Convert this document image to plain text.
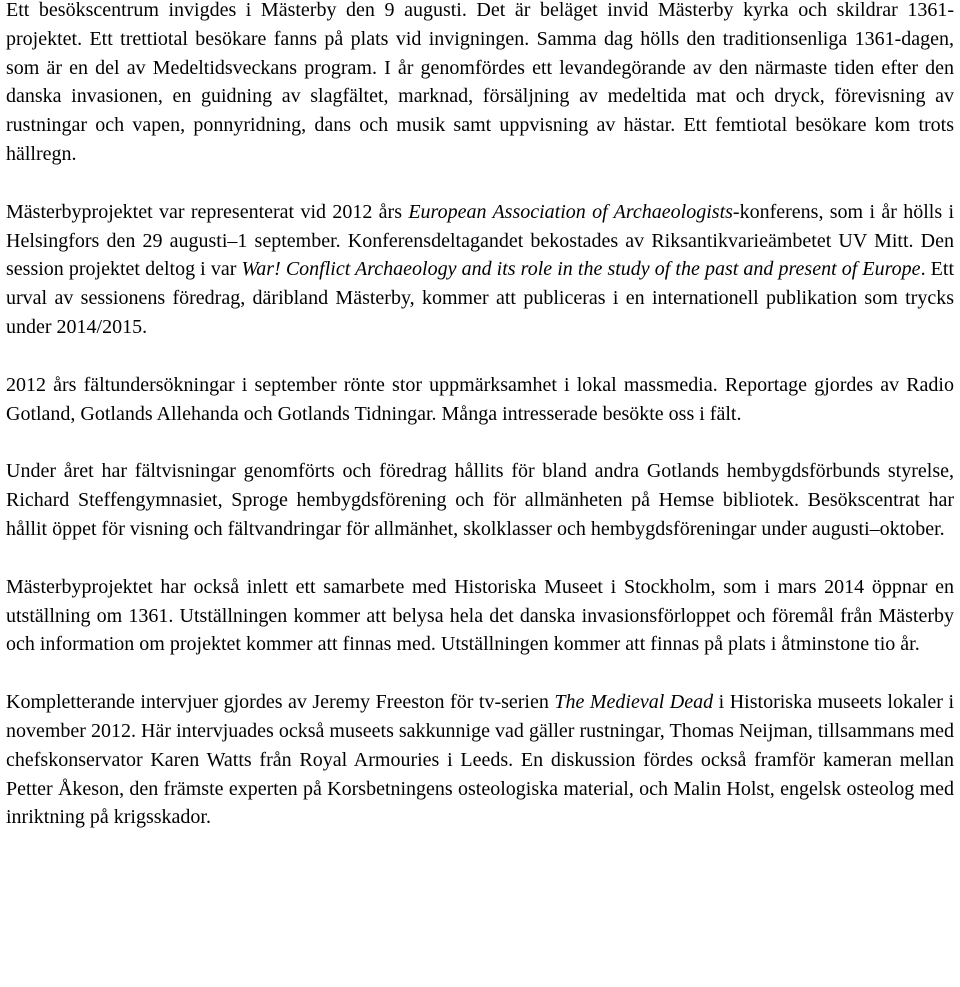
Ett besökscentrum invigdes i Mästerby den 9 augusti. Det är beläget invid Mästerby kyrka och skildrar 1361-projektet. Ett trettiotal besökare fanns på plats vid invigningen. Samma dag hölls den traditionsenliga 1361-dagen, som är en del av Medeltidsveckans program. I år genomfördes ett levandegörande av den närmaste tiden efter den danska invasionen, en guidning av slagfältet, marknad, försäljning av medeltida mat och dryck, förevisning av rustningar och vapen, ponnyridning, dans och musik samt uppvisning av hästar. Ett femtiotal besökare kom trots hällregn.

Mästerbyprojektet var representerat vid 2012 års European Association of Archaeologists-konferens, som i år hölls i Helsingfors den 29 augusti–1 september. Konferensdeltagandet bekostades av Riksantikvarieämbetet UV Mitt. Den session projektet deltog i var War! Conflict Archaeology and its role in the study of the past and present of Europe. Ett urval av sessionens föredrag, däribland Mästerby, kommer att publiceras i en internationell publikation som trycks under 2014/2015.

2012 års fältundersökningar i september rönte stor uppmärksamhet i lokal massmedia. Reportage gjordes av Radio Gotland, Gotlands Allehanda och Gotlands Tidningar. Många intresserade besökte oss i fält.

Under året har fältvisningar genomförts och föredrag hållits för bland andra Gotlands hembygdsförbunds styrelse, Richard Steffengymnasiet, Sproge hembygdsförening och för allmänheten på Hemse bibliotek. Besökscentrat har hållit öppet för visning och fältvandringar för allmänhet, skolklasser och hembygdsföreningar under augusti–oktober.

Mästerbyprojektet har också inlett ett samarbete med Historiska Museet i Stockholm, som i mars 2014 öppnar en utställning om 1361. Utställningen kommer att belysa hela det danska invasionsförloppet och föremål från Mästerby och information om projektet kommer att finnas med. Utställningen kommer att finnas på plats i åtminstone tio år.

Kompletterande intervjuer gjordes av Jeremy Freeston för tv-serien The Medieval Dead i Historiska museets lokaler i november 2012. Här intervjuades också museets sakkunnige vad gäller rustningar, Thomas Neijman, tillsammans med chefskonservator Karen Watts från Royal Armouries i Leeds. En diskussion fördes också framför kameran mellan Petter Åkeson, den främste experten på Korsbetningens osteologiska material, och Malin Holst, engelsk osteolog med inriktning på krigsskador.
